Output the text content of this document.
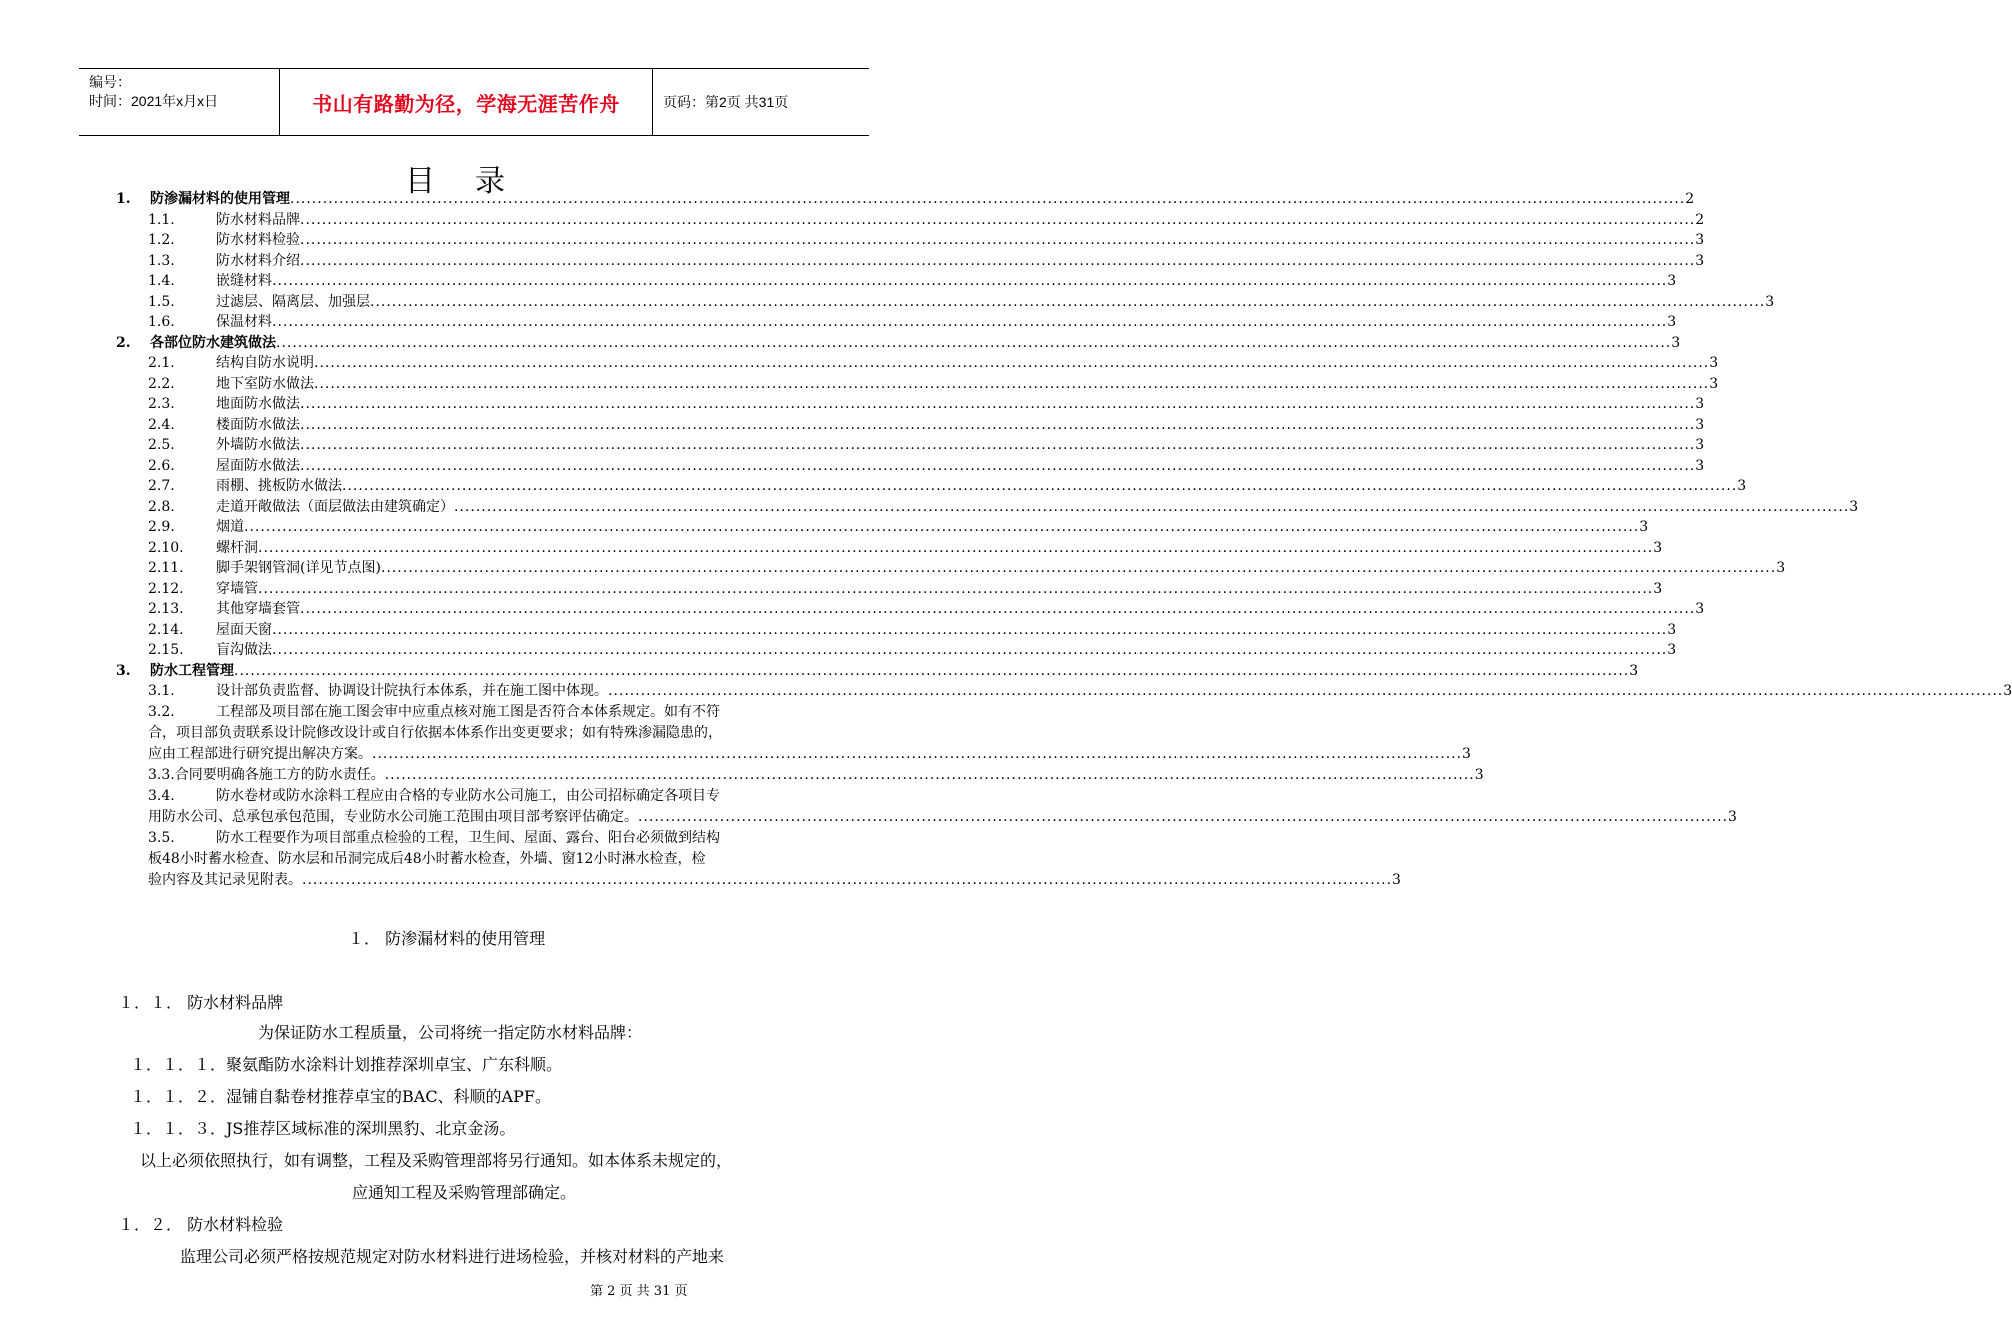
编号：
时间：2021年x月x日	书山有路勤为径，学海无涯苦作舟	页码：第2页 共31页
目录
1.	防渗漏材料的使用管理 .....	2
1.1.	防水材料品牌 .....	2
1.2.	防水材料检验 .....	3
1.3.	防水材料介绍 .....	3
1.4.	嵌缝材料 .....	3
1.5.	过滤层、隔离层、加强层 .....	3
1.6.	保温材料 .....	3
2.	各部位防水建筑做法 .....	3
2.1.	结构自防水说明 .....	3
2.2.	地下室防水做法 .....	3
2.3.	地面防水做法 .....	3
2.4.	楼面防水做法 .....	3
2.5.	外墙防水做法 .....	3
2.6.	屋面防水做法 .....	3
2.7.	雨棚、挑板防水做法 .....	3
2.8.	走道开敞做法（面层做法由建筑确定） .....	3
2.9.	烟道 .....	3
2.10.	螺杆洞 .....	3
2.11.	脚手架钢管洞(详见节点图) .....	3
2.12.	穿墙管 .....	3
2.13.	其他穿墙套管 .....	3
2.14.	屋面天窗 .....	3
2.15.	盲沟做法 .....	3
3.	防水工程管理 .....	3
3.1.	设计部负责监督、协调设计院执行本体系，并在施工图中体现。 .....	3
3.2.	工程部及项目部在施工图会审中应重点核对施工图是否符合本体系规定。如有不符
合，项目部负责联系设计院修改设计或自行依据本体系作出变更要求；如有特殊渗漏隐患的，
应由工程部进行研究提出解决方案。 ........................................................................................................................................................................................................ 3
3.3. 合同要明确各施工方的防水责任。 ........................................................................................................................................................................................................ 3
3.4.	防水卷材或防水涂料工程应由合格的专业防水公司施工，由公司招标确定各项目专
用防水公司、总承包承包范围，专业防水公司施工范围由项目部考察评估确定。 ........................................................................................................................................................................................................ 3
3.5.	防水工程要作为项目部重点检验的工程，卫生间、屋面、露台、阳台必须做到结构
板48小时蓄水检查、防水层和吊洞完成后48小时蓄水检查，外墙、窗12小时淋水检查，检
验内容及其记录见附表。 ........................................................................................................................................................................................................ 3
１． 防渗漏材料的使用管理
１．１． 防水材料品牌
为保证防水工程质量，公司将统一指定防水材料品牌：
１．１．１．聚氨酯防水涂料计划推荐深圳卓宝、广东科顺。
１．１．２．湿铺自黏卷材推荐卓宝的BAC、科顺的APF。
１．１．３．JS推荐区域标准的深圳黑豹、北京金汤。
以上必须依照执行，如有调整，工程及采购管理部将另行通知。如本体系未规定的，
应通知工程及采购管理部确定。
１．２． 防水材料检验
监理公司必须严格按规范规定对防水材料进行进场检验，并核对材料的产地来
第 2 页 共 31 页
